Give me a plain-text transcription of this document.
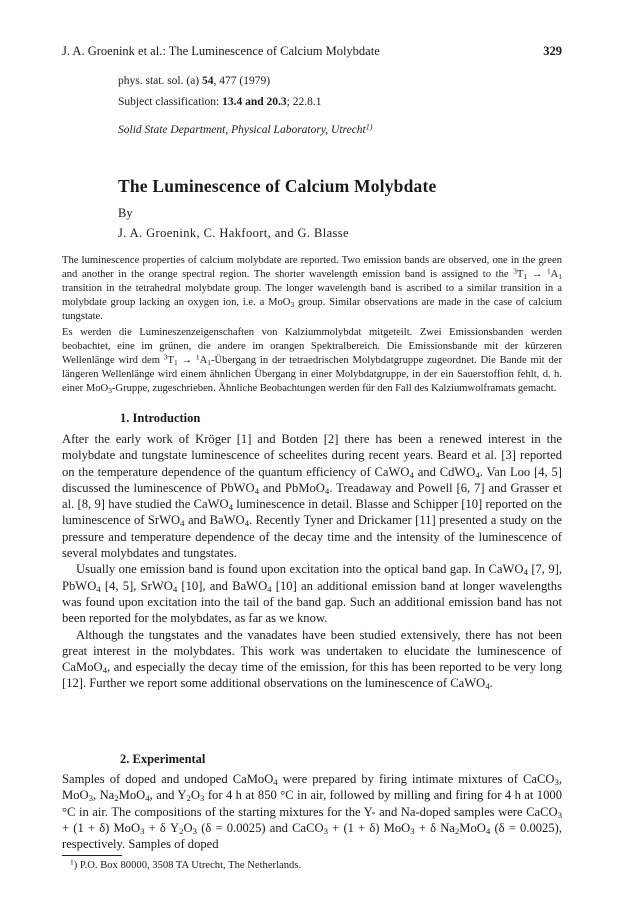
J. A. Groenink et al.: The Luminescence of Calcium Molybdate	329
phys. stat. sol. (a) 54, 477 (1979)
Subject classification: 13.4 and 20.3; 22.8.1
Solid State Department, Physical Laboratory, Utrecht$^{1)}$
The Luminescence of Calcium Molybdate
By
J. A. Groenink, C. Hakfoort, and G. Blasse

The luminescence properties of calcium molybdate are reported. Two emission bands are observed, one in the green and another in the orange spectral region. The shorter wavelength emission band is assigned to the $^3T_1 \to ^1A_1$ transition in the tetrahedral molybdate group. The longer wavelength band is ascribed to a similar transition in a molybdate group lacking an oxygen ion, i.e. a MoO$_3$ group. Similar observations are made in the case of calcium tungstate.

Es werden die Lumineszenzeigenschaften von Kalziummolybdat mitgeteilt. Zwei Emissionsbanden werden beobachtet, eine im grünen, die andere im orangen Spektralbereich. Die Emissionsbande mit der kürzeren Wellenlänge wird dem $^3T_1$ → $^1A_1$-Übergang in der tetraedrischen Molybdatgruppe zugeordnet. Die Bande mit der längeren Wellenlänge wird einem ähnlichen Übergang in einer Molybdatgruppe, in der ein Sauerstoffion fehlt, d. h. einer MoO$_3$-Gruppe, zugeschrieben. Ähnliche Beobachtungen werden für den Fall des Kalziumwolframats gemacht.

1. Introduction

After the early work of Kröger [1] and Botden [2] there has been a renewed interest in the molybdate and tungstate luminescence of scheelites during recent years. Beard et al. [3] reported on the temperature dependence of the quantum efficiency of CaWO$_4$ and CdWO$_4$. Van Loo [4, 5] discussed the luminescence of PbWO$_4$ and PbMoO$_4$. Treadaway and Powell [6, 7] and Grasser et al. [8, 9] have studied the CaWO$_4$ luminescence in detail. Blasse and Schipper [10] reported on the luminescence of SrWO$_4$ and BaWO$_4$. Recently Tyner and Drickamer [11] presented a study on the pressure and temperature dependence of the decay time and the intensity of the luminescence of several molybdates and tungstates.

Usually one emission band is found upon excitation into the optical band gap. In CaWO$_4$ [7, 9], PbWO$_4$ [4, 5], SrWO$_4$ [10], and BaWO$_4$ [10] an additional emission band at longer wavelengths was found upon excitation into the tail of the band gap. Such an additional emission band has not been reported for the molybdates, as far as we know.

Although the tungstates and the vanadates have been studied extensively, there has not been great interest in the molybdates. This work was undertaken to elucidate the luminescence of CaMoO$_4$, and especially the decay time of the emission, for this has been reported to be very long [12]. Further we report some additional observations on the luminescence of CaWO$_4$.

2. Experimental

Samples of doped and undoped CaMoO$_4$ were prepared by firing intimate mixtures of CaCO$_3$, MoO$_3$, $Na_2MoO_4$, and $Y_2O_3$ for 4 h at 850 °C in air, followed by milling and firing for 4 h at 1000 °C in air. The compositions of the starting mixtures for the Y- and Na-doped samples were CaCO$_3$ + (1 + δ) MoO$_3$ + δ $Y_2O_3$ (δ = 0.0025) and CaCO$_3$ + (1 + δ) MoO$_3$ + δ $Na_2MoO_4$ (δ = 0.0025), respectively. Samples of doped

$^1$) P.O. Box 80000, 3508 TA Utrecht, The Netherlands.
